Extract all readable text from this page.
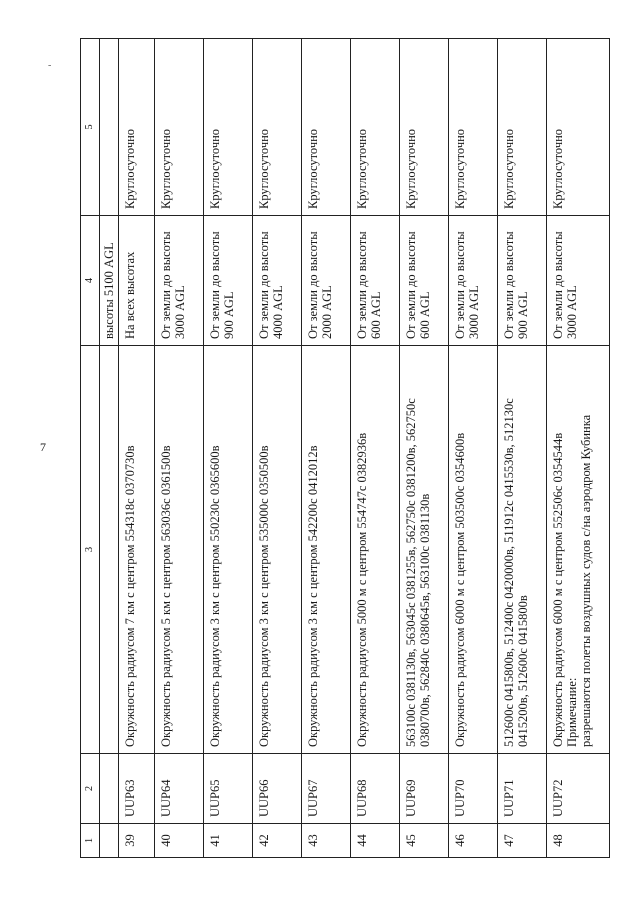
-
7
1	2	3	4	5
			высоты 5100 AGL	
39	UUP63	Окружность радиусом 7 км с центром 554318с 0370730в	На всех высотах	Круглосуточно
40	UUP64	Окружность радиусом 5 км с центром 563036с 0361500в	От земли до высоты 3000 AGL	Круглосуточно
41	UUP65	Окружность радиусом 3 км с центром 550230с 0365600в	От земли до высоты 900 AGL	Круглосуточно
42	UUP66	Окружность радиусом 3 км с центром 535000с 0350500в	От земли до высоты 4000 AGL	Круглосуточно
43	UUP67	Окружность радиусом 3 км с центром 542200с 0412012в	От земли до высоты 2000 AGL	Круглосуточно
44	UUP68	Окружность радиусом 5000 м с центром 554747с 0382936в	От земли до высоты 600 AGL	Круглосуточно
45	UUP69	563100с 0381130в, 563045с 0381255в, 562750с 0381200в, 562750с 0380700в, 562840с 0380645в, 563100с 0381130в	От земли до высоты 600 AGL	Круглосуточно
46	UUP70	Окружность радиусом 6000 м с центром 503500с 0354600в	От земли до высоты 3000 AGL	Круглосуточно
47	UUP71	512600с 0415800в, 512400с 0420000в, 511912с 0415530в, 512130с 0415200в, 512600с 0415800в	От земли до высоты 900 AGL	Круглосуточно
48	UUP72	Окружность радиусом 6000 м с центром 552506с 0354544в Примечание: разрешаются полеты воздушных судов с/на аэродром Кубинка	От земли до высоты 3000 AGL	Круглосуточно
